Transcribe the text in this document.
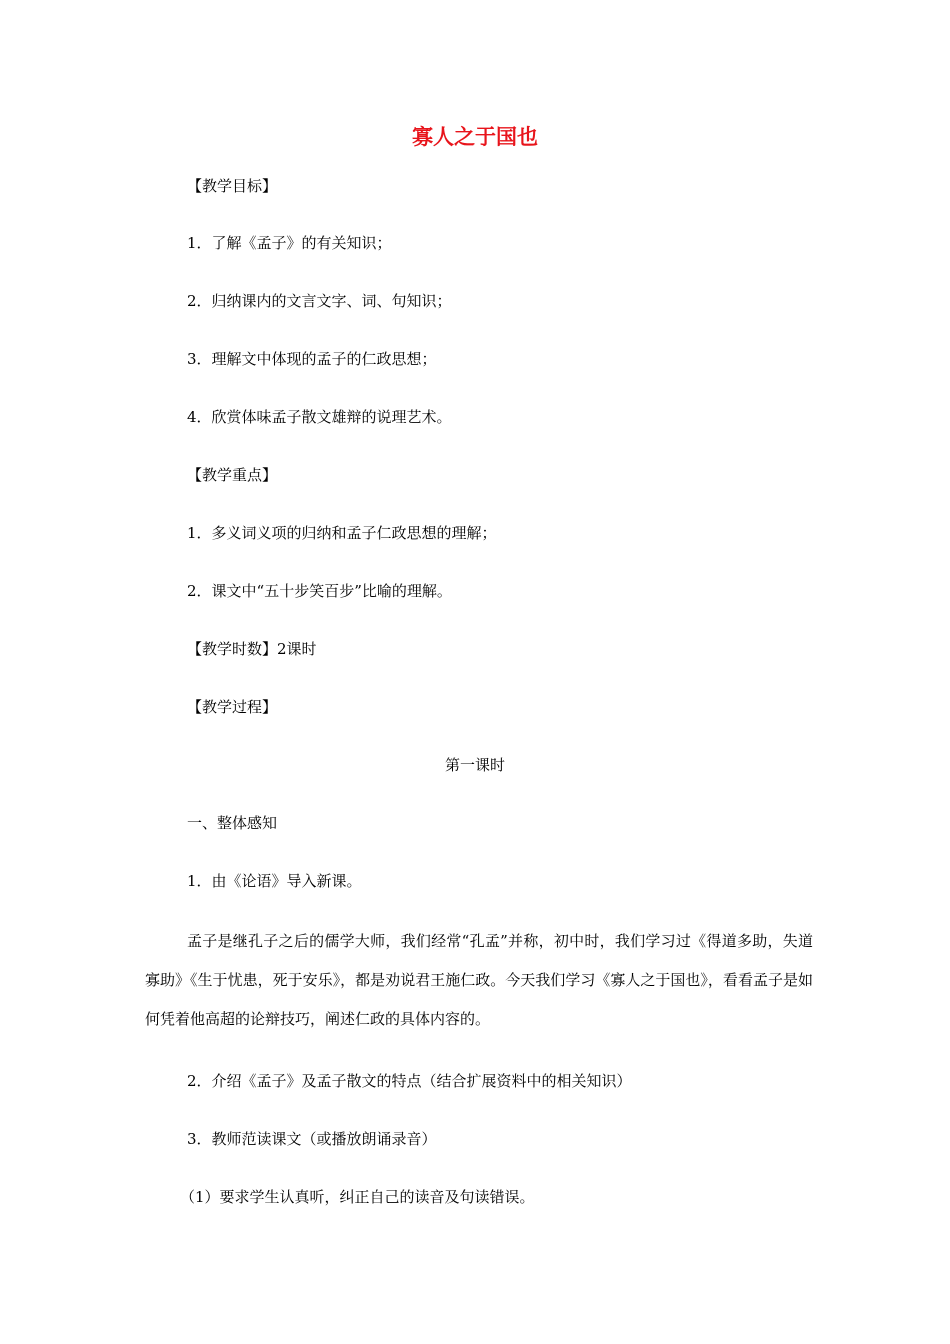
寡人之于国也
【教学目标】
1．了解《孟子》的有关知识；
2．归纳课内的文言文字、词、句知识；
3．理解文中体现的孟子的仁政思想；
4．欣赏体味孟子散文雄辩的说理艺术。
【教学重点】
1．多义词义项的归纳和孟子仁政思想的理解；
2．课文中“五十步笑百步”比喻的理解。
【教学时数】2课时
【教学过程】
第一课时
一、整体感知
1．由《论语》导入新课。
孟子是继孔子之后的儒学大师，我们经常“孔孟”并称，初中时，我们学习过《得道多助，失道寡助》《生于忧患，死于安乐》，都是劝说君王施仁政。今天我们学习《寡人之于国也》，看看孟子是如何凭着他高超的论辩技巧，阐述仁政的具体内容的。
2．介绍《孟子》及孟子散文的特点（结合扩展资料中的相关知识）
3．教师范读课文（或播放朗诵录音）
（1）要求学生认真听，纠正自己的读音及句读错误。
